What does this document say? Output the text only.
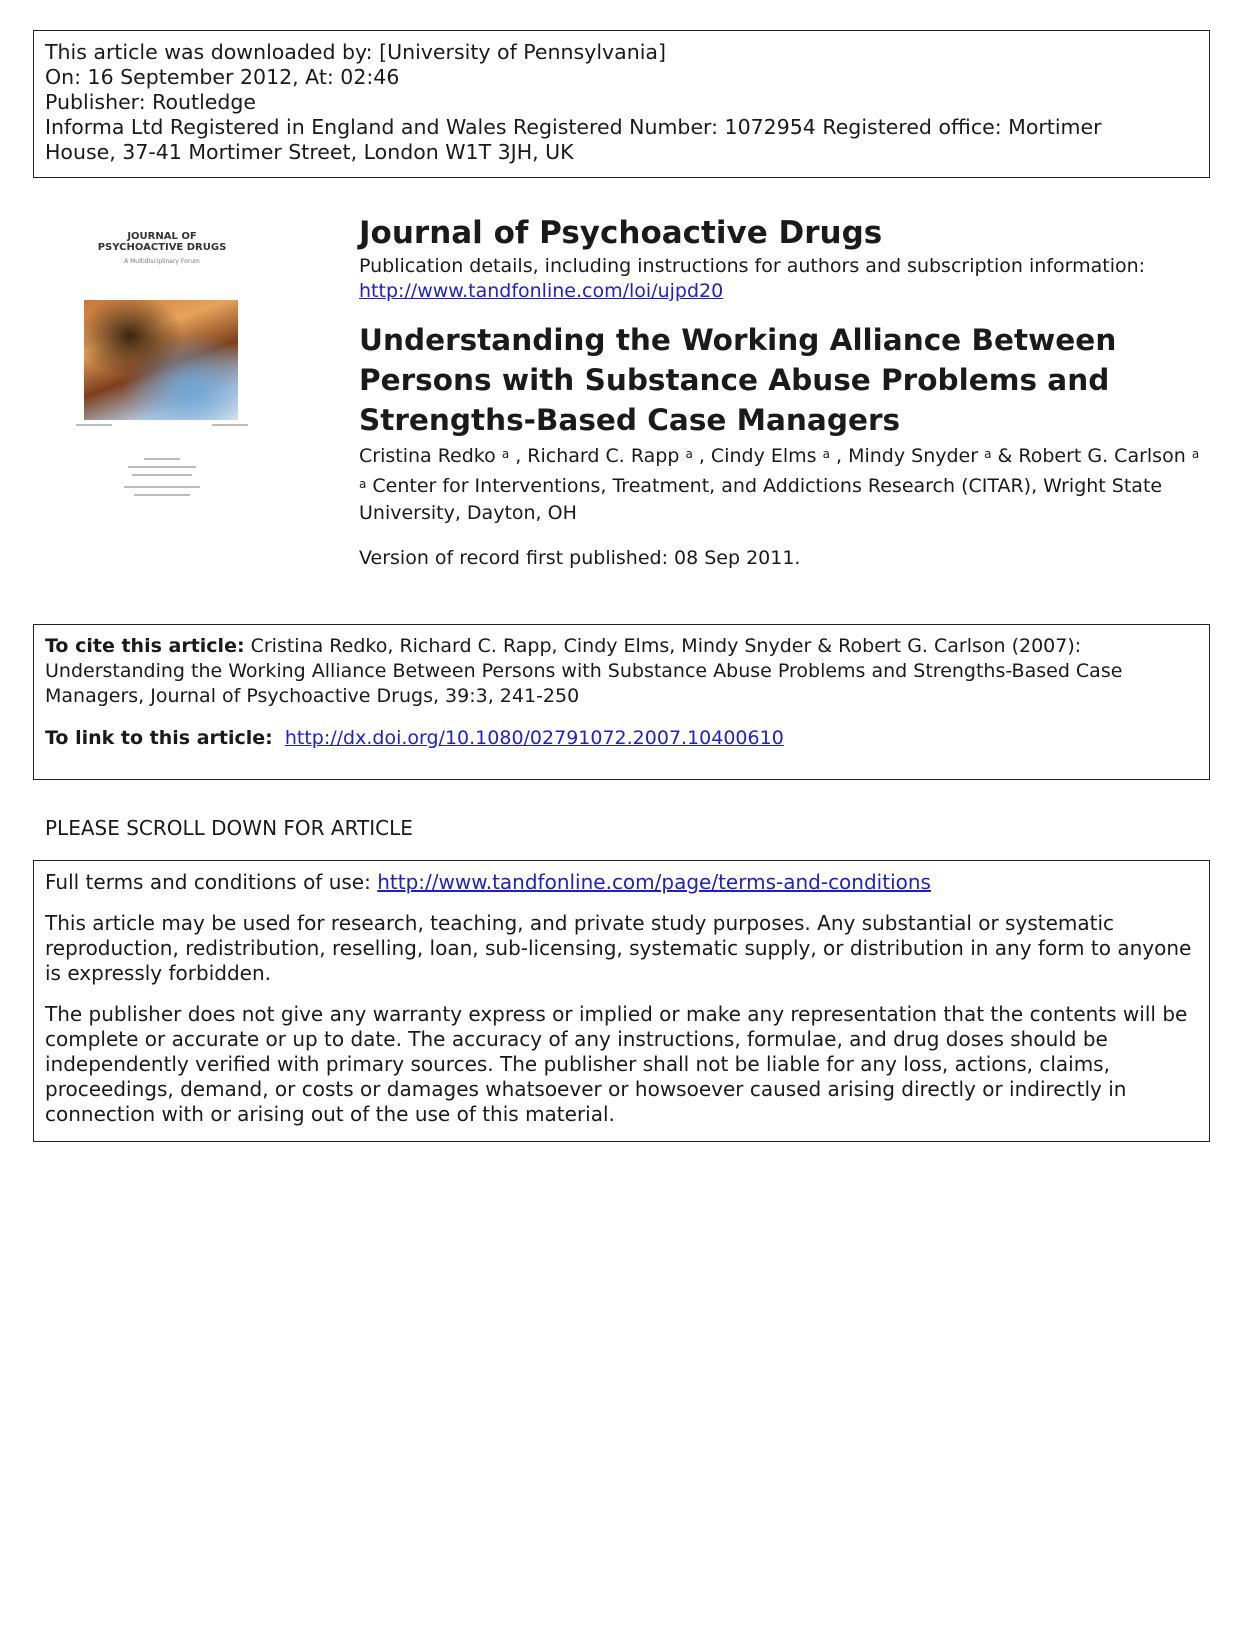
This article was downloaded by: [University of Pennsylvania]
On: 16 September 2012, At: 02:46
Publisher: Routledge
Informa Ltd Registered in England and Wales Registered Number: 1072954 Registered office: Mortimer
House, 37-41 Mortimer Street, London W1T 3JH, UK
JOURNAL OF
PSYCHOACTIVE DRUGS
A Multidisciplinary Forum
Journal of Psychoactive Drugs
Publication details, including instructions for authors and subscription information:
http://www.tandfonline.com/loi/ujpd20
Understanding the Working Alliance Between Persons with Substance Abuse Problems and Strengths-Based Case Managers
Cristina Redko $^a$ , Richard C. Rapp $^a$ , Cindy Elms $^a$ , Mindy Snyder $^a$ & Robert G. Carlson $^a$
$^a$ Center for Interventions, Treatment, and Addictions Research (CITAR), Wright State University, Dayton, OH
Version of record first published: 08 Sep 2011.
To cite this article: Cristina Redko, Richard C. Rapp, Cindy Elms, Mindy Snyder & Robert G. Carlson (2007): Understanding the Working Alliance Between Persons with Substance Abuse Problems and Strengths-Based Case Managers, Journal of Psychoactive Drugs, 39:3, 241-250
To link to this article: http://dx.doi.org/10.1080/02791072.2007.10400610
PLEASE SCROLL DOWN FOR ARTICLE

Full terms and conditions of use: http://www.tandfonline.com/page/terms-and-conditions

This article may be used for research, teaching, and private study purposes. Any substantial or systematic reproduction, redistribution, reselling, loan, sub-licensing, systematic supply, or distribution in any form to anyone is expressly forbidden.

The publisher does not give any warranty express or implied or make any representation that the contents will be complete or accurate or up to date. The accuracy of any instructions, formulae, and drug doses should be independently verified with primary sources. The publisher shall not be liable for any loss, actions, claims, proceedings, demand, or costs or damages whatsoever or howsoever caused arising directly or indirectly in connection with or arising out of the use of this material.
